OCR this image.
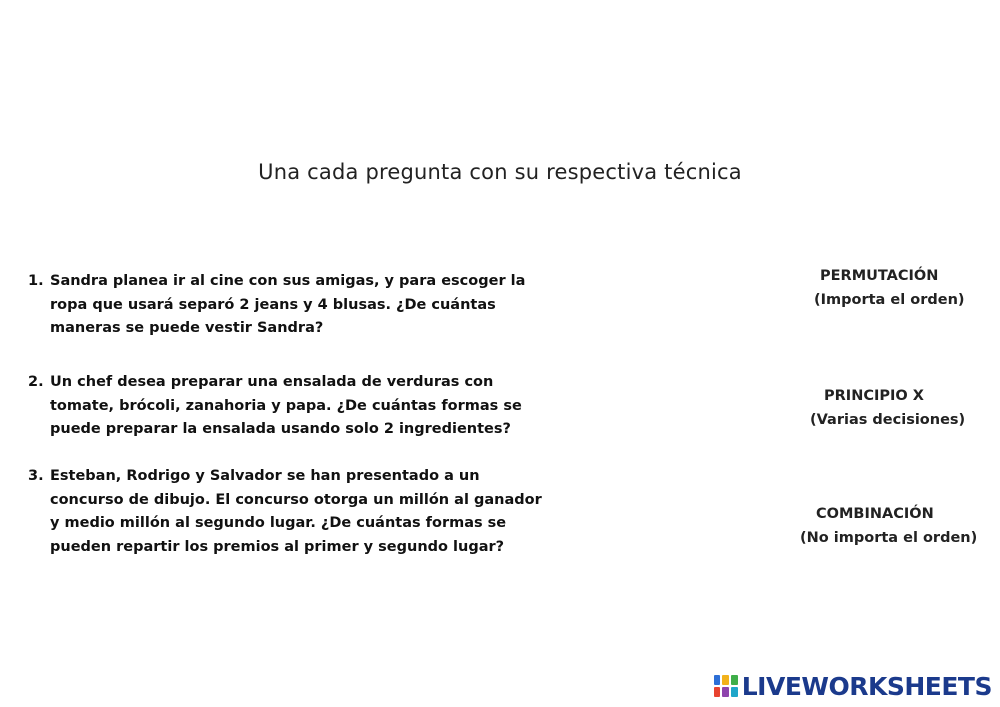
Una cada pregunta con su respectiva técnica
1. Sandra planea ir al cine con sus amigas, y para escoger la ropa que usará separó 2 jeans y 4 blusas. ¿De cuántas maneras se puede vestir Sandra?
2. Un chef desea preparar una ensalada de verduras con tomate, brócoli, zanahoria y papa. ¿De cuántas formas se puede preparar la ensalada usando solo 2 ingredientes?
3. Esteban, Rodrigo y Salvador se han presentado a un concurso de dibujo. El concurso otorga un millón al ganador y medio millón al segundo lugar. ¿De cuántas formas se pueden repartir los premios al primer y segundo lugar?
PERMUTACIÓN
(Importa el orden)
PRINCIPIO X
(Varias decisiones)
COMBINACIÓN
(No importa el orden)
LIVEWORKSHEETS
